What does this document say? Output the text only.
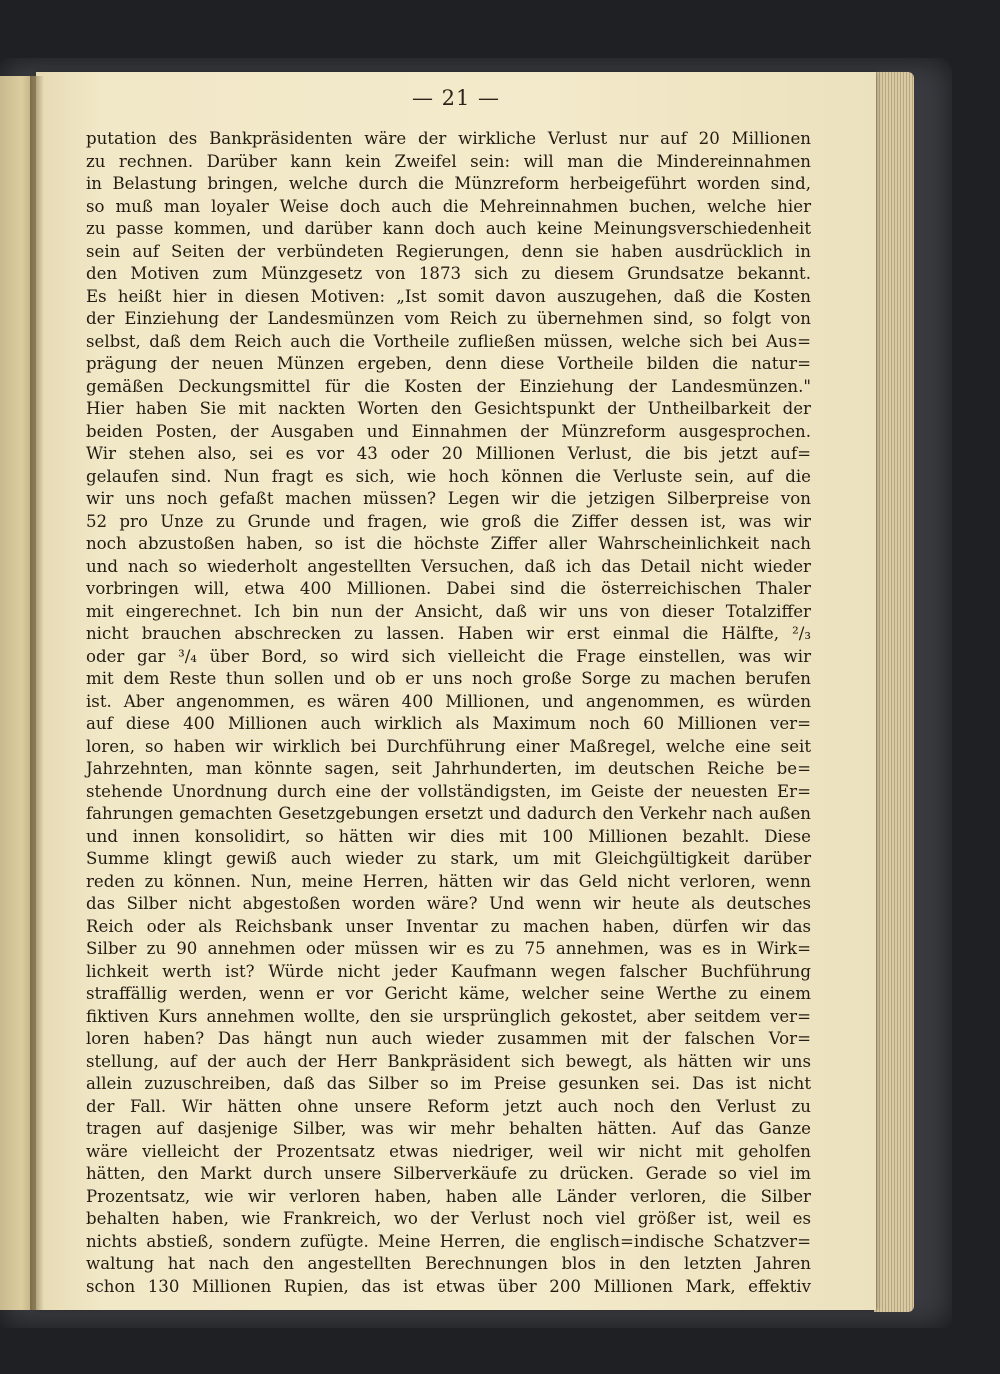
— 21 —
putation des Bankpräsidenten wäre der wirkliche Verlust nur auf 20 Millionen
zu rechnen. Darüber kann kein Zweifel sein: will man die Mindereinnahmen
in Belastung bringen, welche durch die Münzreform herbeigeführt worden sind,
so muß man loyaler Weise doch auch die Mehreinnahmen buchen, welche hier
zu passe kommen, und darüber kann doch auch keine Meinungsverschiedenheit
sein auf Seiten der verbündeten Regierungen, denn sie haben ausdrücklich in
den Motiven zum Münzgesetz von 1873 sich zu diesem Grundsatze bekannt.
Es heißt hier in diesen Motiven: „Ist somit davon auszugehen, daß die Kosten
der Einziehung der Landesmünzen vom Reich zu übernehmen sind, so folgt von
selbst, daß dem Reich auch die Vortheile zufließen müssen, welche sich bei Aus=
prägung der neuen Münzen ergeben, denn diese Vortheile bilden die natur=
gemäßen Deckungsmittel für die Kosten der Einziehung der Landesmünzen."
Hier haben Sie mit nackten Worten den Gesichtspunkt der Untheilbarkeit der
beiden Posten, der Ausgaben und Einnahmen der Münzreform ausgesprochen.
Wir stehen also, sei es vor 43 oder 20 Millionen Verlust, die bis jetzt auf=
gelaufen sind. Nun fragt es sich, wie hoch können die Verluste sein, auf die
wir uns noch gefaßt machen müssen? Legen wir die jetzigen Silberpreise von
52 pro Unze zu Grunde und fragen, wie groß die Ziffer dessen ist, was wir
noch abzustoßen haben, so ist die höchste Ziffer aller Wahrscheinlichkeit nach
und nach so wiederholt angestellten Versuchen, daß ich das Detail nicht wieder
vorbringen will, etwa 400 Millionen. Dabei sind die österreichischen Thaler
mit eingerechnet. Ich bin nun der Ansicht, daß wir uns von dieser Totalziffer
nicht brauchen abschrecken zu lassen. Haben wir erst einmal die Hälfte, ²/₃
oder gar ³/₄ über Bord, so wird sich vielleicht die Frage einstellen, was wir
mit dem Reste thun sollen und ob er uns noch große Sorge zu machen berufen
ist. Aber angenommen, es wären 400 Millionen, und angenommen, es würden
auf diese 400 Millionen auch wirklich als Maximum noch 60 Millionen ver=
loren, so haben wir wirklich bei Durchführung einer Maßregel, welche eine seit
Jahrzehnten, man könnte sagen, seit Jahrhunderten, im deutschen Reiche be=
stehende Unordnung durch eine der vollständigsten, im Geiste der neuesten Er=
fahrungen gemachten Gesetzgebungen ersetzt und dadurch den Verkehr nach außen
und innen konsolidirt, so hätten wir dies mit 100 Millionen bezahlt. Diese
Summe klingt gewiß auch wieder zu stark, um mit Gleichgültigkeit darüber
reden zu können. Nun, meine Herren, hätten wir das Geld nicht verloren, wenn
das Silber nicht abgestoßen worden wäre? Und wenn wir heute als deutsches
Reich oder als Reichsbank unser Inventar zu machen haben, dürfen wir das
Silber zu 90 annehmen oder müssen wir es zu 75 annehmen, was es in Wirk=
lichkeit werth ist? Würde nicht jeder Kaufmann wegen falscher Buchführung
straffällig werden, wenn er vor Gericht käme, welcher seine Werthe zu einem
fiktiven Kurs annehmen wollte, den sie ursprünglich gekostet, aber seitdem ver=
loren haben? Das hängt nun auch wieder zusammen mit der falschen Vor=
stellung, auf der auch der Herr Bankpräsident sich bewegt, als hätten wir uns
allein zuzuschreiben, daß das Silber so im Preise gesunken sei. Das ist nicht
der Fall. Wir hätten ohne unsere Reform jetzt auch noch den Verlust zu
tragen auf dasjenige Silber, was wir mehr behalten hätten. Auf das Ganze
wäre vielleicht der Prozentsatz etwas niedriger, weil wir nicht mit geholfen
hätten, den Markt durch unsere Silberverkäufe zu drücken. Gerade so viel im
Prozentsatz, wie wir verloren haben, haben alle Länder verloren, die Silber
behalten haben, wie Frankreich, wo der Verlust noch viel größer ist, weil es
nichts abstieß, sondern zufügte. Meine Herren, die englisch=indische Schatzver=
waltung hat nach den angestellten Berechnungen blos in den letzten Jahren
schon 130 Millionen Rupien, das ist etwas über 200 Millionen Mark, effektiv
